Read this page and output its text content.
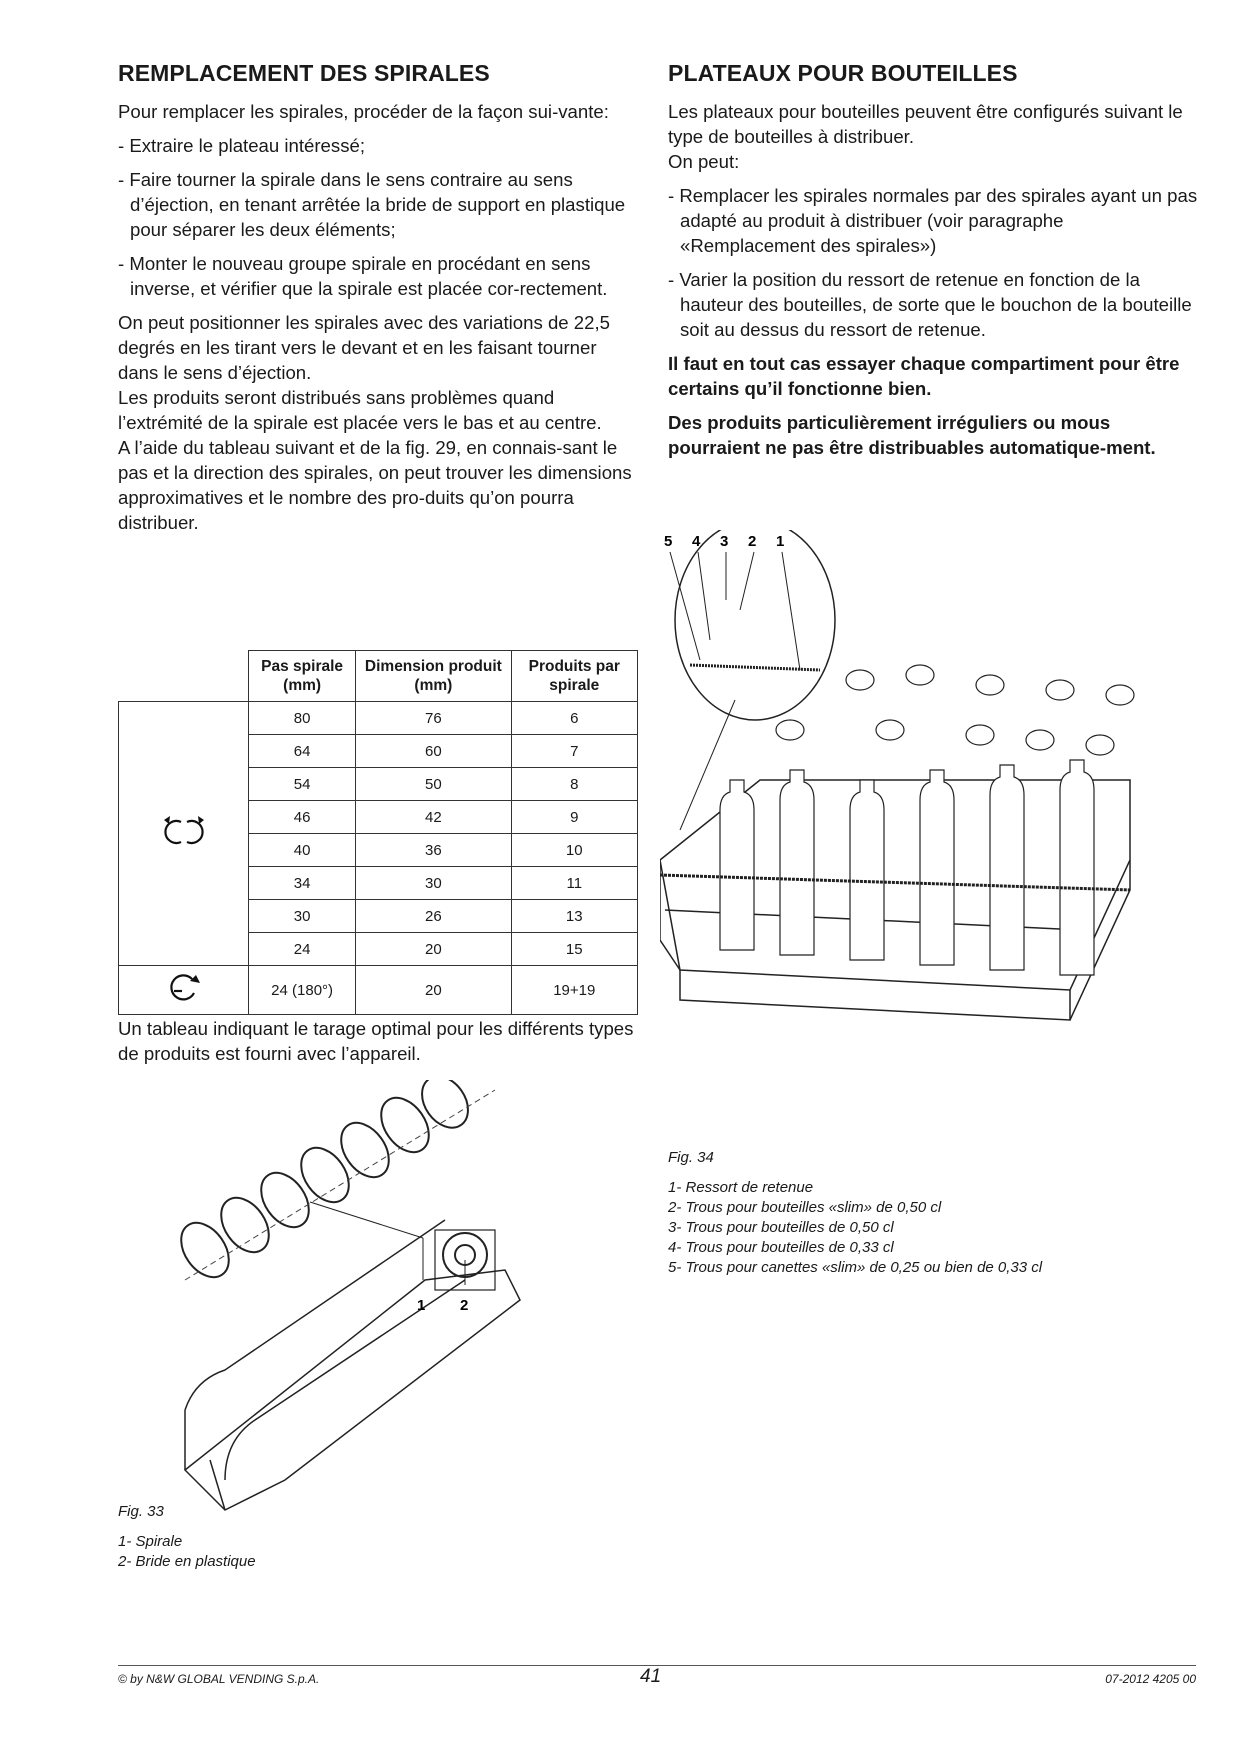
REMPLACEMENT DES SPIRALES

Pour remplacer les spirales, procéder de la façon sui-vante:

- Extraire le plateau intéressé;

- Faire tourner la spirale dans le sens contraire au sens d’éjection, en tenant arrêtée la bride de support en plastique pour séparer les deux éléments;

- Monter le nouveau groupe spirale en procédant en sens inverse, et vérifier que la spirale est placée cor-rectement.

On peut positionner les spirales avec des variations de 22,5 degrés en les tirant vers le devant et en les faisant tourner dans le sens d’éjection.

Les produits seront distribués sans problèmes quand l’extrémité de la spirale est placée vers le bas et au centre.

A l’aide du tableau suivant et de la fig. 29, en connais-sant le pas et la direction des spirales, on peut trouver les dimensions approximatives et le nombre des pro-duits qu’on pourra distribuer.

	Pas spirale (mm)	Dimension produit (mm)	Produits par spirale
	80	76	6
	64	60	7
	54	50	8
	46	42	9
	40	36	10
	34	30	11
	30	26	13
	24	20	15
	24 (180°)	20	19+19

Un tableau indiquant le tarage optimal pour les différents types de produits est fourni avec l’appareil.

1 2
Fig. 33
1- Spirale
2- Bride en plastique
PLATEAUX POUR BOUTEILLES

Les plateaux pour bouteilles peuvent être configurés suivant le type de bouteilles à distribuer.

On peut:

- Remplacer les spirales normales par des spirales ayant un pas adapté au produit à distribuer (voir paragraphe «Remplacement des spirales»)

- Varier la position du ressort de retenue en fonction de la hauteur des bouteilles, de sorte que le bouchon de la bouteille soit au dessus du ressort de retenue.

Il faut en tout cas essayer chaque compartiment pour être certains qu’il fonctionne bien.

Des produits particulièrement irréguliers ou mous pourraient ne pas être distribuables automatique-ment.

5 4 3 2 1
Fig. 34
1- Ressort de retenue
2- Trous pour bouteilles «slim» de 0,50 cl
3- Trous pour bouteilles de 0,50 cl
4- Trous pour bouteilles de 0,33 cl
5- Trous pour canettes «slim» de 0,25 ou bien de 0,33 cl
© by N&W GLOBAL VENDING S.p.A.	41	07-2012 4205 00
